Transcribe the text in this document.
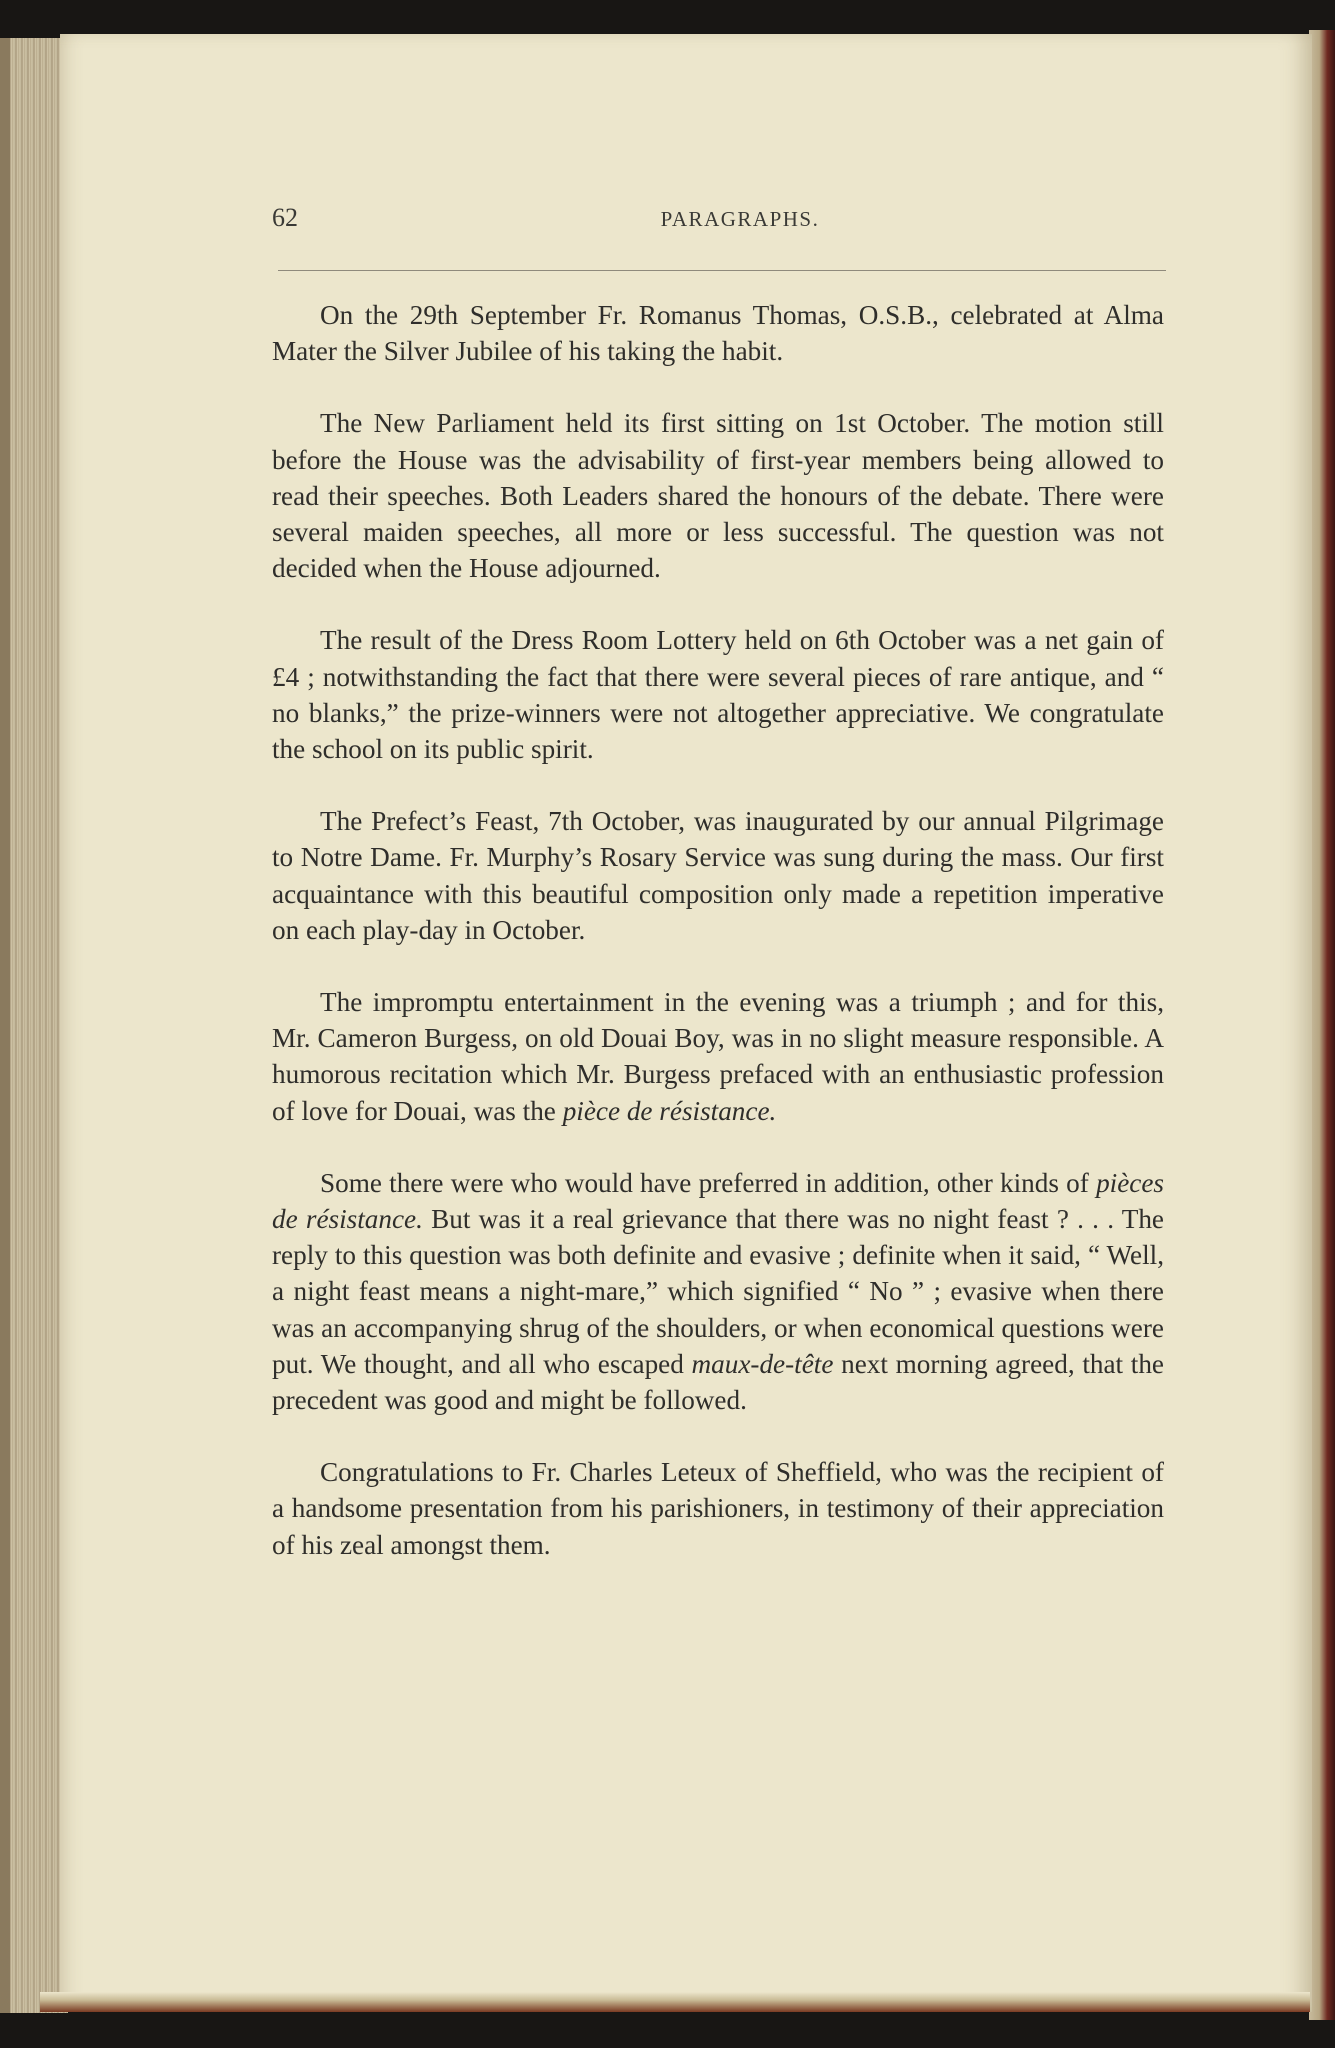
62	PARAGRAPHS.

On the 29th September Fr. Romanus Thomas, O.S.B., celebrated at Alma Mater the Silver Jubilee of his taking the habit.

The New Parliament held its first sitting on 1st October. The motion still before the House was the advisability of first-year members being allowed to read their speeches. Both Leaders shared the honours of the debate. There were several maiden speeches, all more or less successful. The question was not decided when the House adjourned.

The result of the Dress Room Lottery held on 6th October was a net gain of £4 ; notwithstanding the fact that there were several pieces of rare antique, and “ no blanks,” the prize-winners were not altogether appreciative. We congratulate the school on its public spirit.

The Prefect’s Feast, 7th October, was inaugurated by our annual Pilgrimage to Notre Dame. Fr. Murphy’s Rosary Service was sung during the mass. Our first acquaintance with this beautiful composition only made a repetition imperative on each play-day in October.

The impromptu entertainment in the evening was a triumph ; and for this, Mr. Cameron Burgess, on old Douai Boy, was in no slight measure responsible. A humorous recitation which Mr. Burgess prefaced with an enthusiastic profession of love for Douai, was the pièce de résistance.

Some there were who would have preferred in addition, other kinds of pièces de résistance. But was it a real grievance that there was no night feast ? . . . The reply to this question was both definite and evasive ; definite when it said, “ Well, a night feast means a night-mare,” which signified “ No ” ; evasive when there was an accompanying shrug of the shoulders, or when economical questions were put. We thought, and all who escaped maux-de-tête next morning agreed, that the precedent was good and might be followed.

Congratulations to Fr. Charles Leteux of Sheffield, who was the recipient of a handsome presentation from his parishioners, in testimony of their appreciation of his zeal amongst them.
